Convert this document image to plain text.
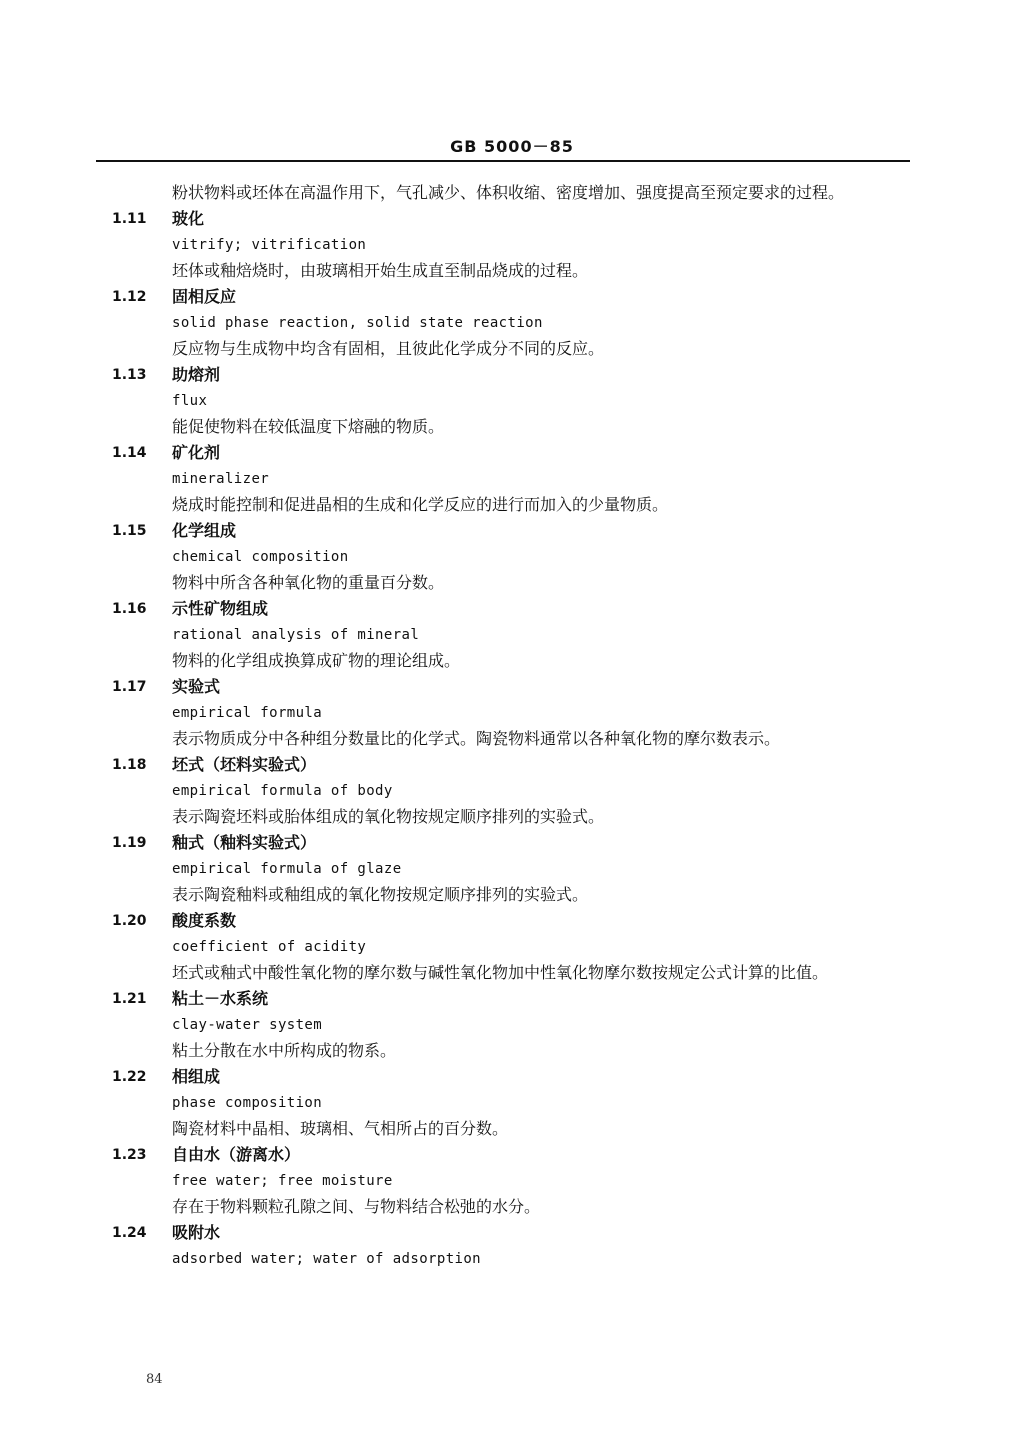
GB 5000－85
粉状物料或坯体在高温作用下，气孔减少、体积收缩、密度增加、强度提高至预定要求的过程。
1.11 玻化
vitrify; vitrification
坯体或釉焙烧时，由玻璃相开始生成直至制品烧成的过程。
1.12 固相反应
solid phase reaction, solid state reaction
反应物与生成物中均含有固相，且彼此化学成分不同的反应。
1.13 助熔剂
flux
能促使物料在较低温度下熔融的物质。
1.14 矿化剂
mineralizer
烧成时能控制和促进晶相的生成和化学反应的进行而加入的少量物质。
1.15 化学组成
chemical composition
物料中所含各种氧化物的重量百分数。
1.16 示性矿物组成
rational analysis of mineral
物料的化学组成换算成矿物的理论组成。
1.17 实验式
empirical formula
表示物质成分中各种组分数量比的化学式。陶瓷物料通常以各种氧化物的摩尔数表示。
1.18 坯式（坯料实验式）
empirical formula of body
表示陶瓷坯料或胎体组成的氧化物按规定顺序排列的实验式。
1.19 釉式（釉料实验式）
empirical formula of glaze
表示陶瓷釉料或釉组成的氧化物按规定顺序排列的实验式。
1.20 酸度系数
coefficient of acidity
坯式或釉式中酸性氧化物的摩尔数与碱性氧化物加中性氧化物摩尔数按规定公式计算的比值。
1.21 粘土－水系统
clay-water system
粘土分散在水中所构成的物系。
1.22 相组成
phase composition
陶瓷材料中晶相、玻璃相、气相所占的百分数。
1.23 自由水（游离水）
free water; free moisture
存在于物料颗粒孔隙之间、与物料结合松弛的水分。
1.24 吸附水
adsorbed water; water of adsorption
84
